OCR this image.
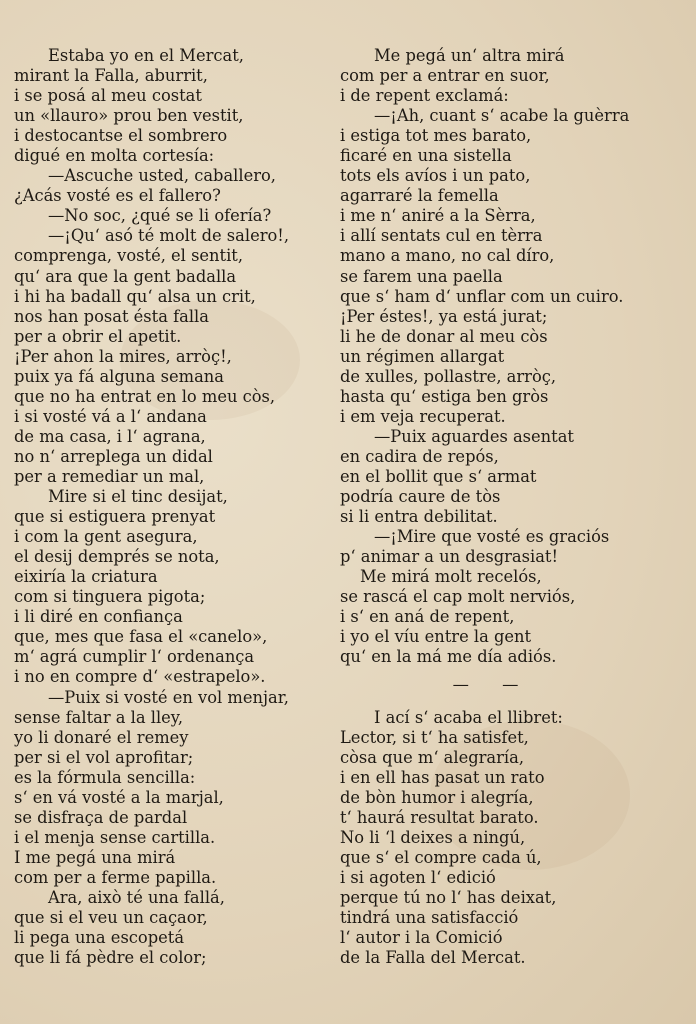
Estaba yo en el Mercat,
mirant la Falla, aburrit,
i se posá al meu costat
un «llauro» prou ben vestit,
i destocantse el sombrero
digué en molta cortesía:
—Ascuche usted, caballero,
¿Acás vosté es el fallero?
—No soc, ¿qué se li ofería?
—¡Qu‘ asó té molt de salero!,
comprenga, vosté, el sentit,
qu‘ ara que la gent badalla
i hi ha badall qu‘ alsa un crit,
nos han posat ésta falla
per a obrir el apetit.
¡Per ahon la mires, arròç!,
puix ya fá alguna semana
que no ha entrat en lo meu còs,
i si vosté vá a l‘ andana
de ma casa, i l‘ agrana,
no n‘ arreplega un didal
per a remediar un mal,
Mire si el tinc desijat,
que si estiguera prenyat
i com la gent asegura,
el desij demprés se nota,
eixiría la criatura
com si tinguera pigota;
i li diré en confiança
que, mes que fasa el «canelo»,
m‘ agrá cumplir l‘ ordenança
i no en compre d‘ «estrapelo».
—Puix si vosté en vol menjar,
sense faltar a la lley,
yo li donaré el remey
per si el vol aprofitar;
es la fórmula sencilla:
s‘ en vá vosté a la marjal,
se disfraça de pardal
i el menja sense cartilla.
I me pegá una mirá
com per a ferme papilla.
Ara, això té una fallá,
que si el veu un caçaor,
li pega una escopetá
que li fá pèdre el color;
Me pegá un‘ altra mirá
com per a entrar en suor,
i de repent exclamá:
—¡Ah, cuant s‘ acabe la guèrra
i estiga tot mes barato,
ficaré en una sistella
tots els avíos i un pato,
agarraré la femella
i me n‘ aniré a la Sèrra,
i allí sentats cul en tèrra
mano a mano, no cal díro,
se farem una paella
que s‘ ham d‘ unflar com un cuiro.
¡Per éstes!, ya está jurat;
li he de donar al meu còs
un régimen allargat
de xulles, pollastre, arròç,
hasta qu‘ estiga ben gròs
i em veja recuperat.
—Puix aguardes asentat
en cadira de repós,
en el bollit que s‘ armat
podría caure de tòs
si li entra debilitat.
—¡Mire que vosté es graciós
p‘ animar a un desgrasiat!
Me mirá molt recelós,
se rascá el cap molt nerviós,
i s‘ en aná de repent,
i yo el víu entre la gent
qu‘ en la má me día adiós.
— —
I ací s‘ acaba el llibret:
Lector, si t‘ ha satisfet,
còsa que m‘ alegraría,
i en ell has pasat un rato
de bòn humor i alegría,
t‘ haurá resultat barato.
No li ‘l deixes a ningú,
que s‘ el compre cada ú,
i si agoten l‘ edició
perque tú no l‘ has deixat,
tindrá una satisfacció
l‘ autor i la Comició
de la Falla del Mercat.
